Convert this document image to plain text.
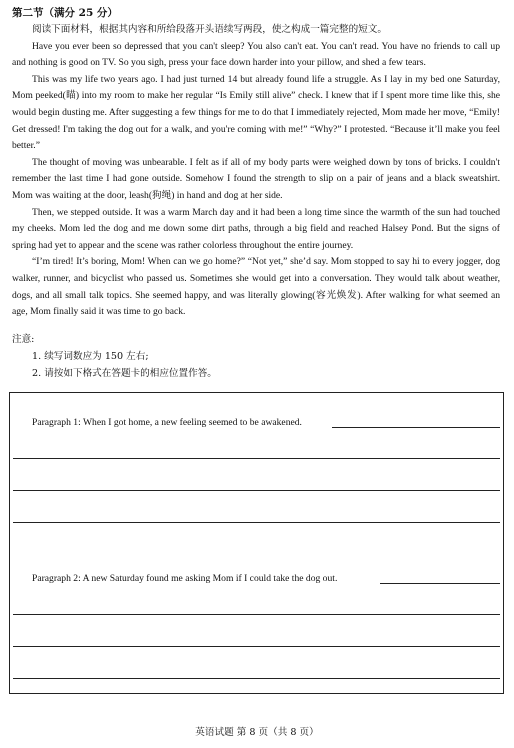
第二节（满分 25 分）

阅读下面材料，根据其内容和所给段落开头语续写两段，使之构成一篇完整的短文。

Have you ever been so depressed that you can't sleep? You also can't eat. You can't read. You have no friends to call up and nothing is good on TV. So you sigh, press your face down harder into your pillow, and shed a few tears.

This was my life two years ago. I had just turned 14 but already found life a struggle. As I lay in my bed one Saturday, Mom peeked(瞄) into my room to make her regular “Is Emily still alive” check. I knew that if I spent more time like this, she would begin dusting me. After suggesting a few things for me to do that I immediately rejected, Mom made her move, “Emily! Get dressed! I'm taking the dog out for a walk, and you're coming with me!” “Why?” I protested. “Because it’ll make you feel better.”

The thought of moving was unbearable. I felt as if all of my body parts were weighed down by tons of bricks. I couldn't remember the last time I had gone outside. Somehow I found the strength to slip on a pair of jeans and a black sweatshirt. Mom was waiting at the door, leash(狗绳) in hand and dog at her side.

Then, we stepped outside. It was a warm March day and it had been a long time since the warmth of the sun had touched my cheeks. Mom led the dog and me down some dirt paths, through a big field and reached Halsey Pond. But the signs of spring had yet to appear and the scene was rather colorless throughout the entire journey.

“I’m tired! It’s boring, Mom! When can we go home?” “Not yet,” she’d say. Mom stopped to say hi to every jogger, dog walker, runner, and bicyclist who passed us. Sometimes she would get into a conversation. They would talk about weather, dogs, and all small talk topics. She seemed happy, and was literally glowing(容光焕发). After walking for what seemed an age, Mom finally said it was time to go back.

注意:
1. 续写词数应为 150 左右;
2. 请按如下格式在答题卡的相应位置作答。
Paragraph 1: When I got home, a new feeling seemed to be awakened.
Paragraph 2: A new Saturday found me asking Mom if I could take the dog out.
英语试题 第 8 页（共 8 页）
